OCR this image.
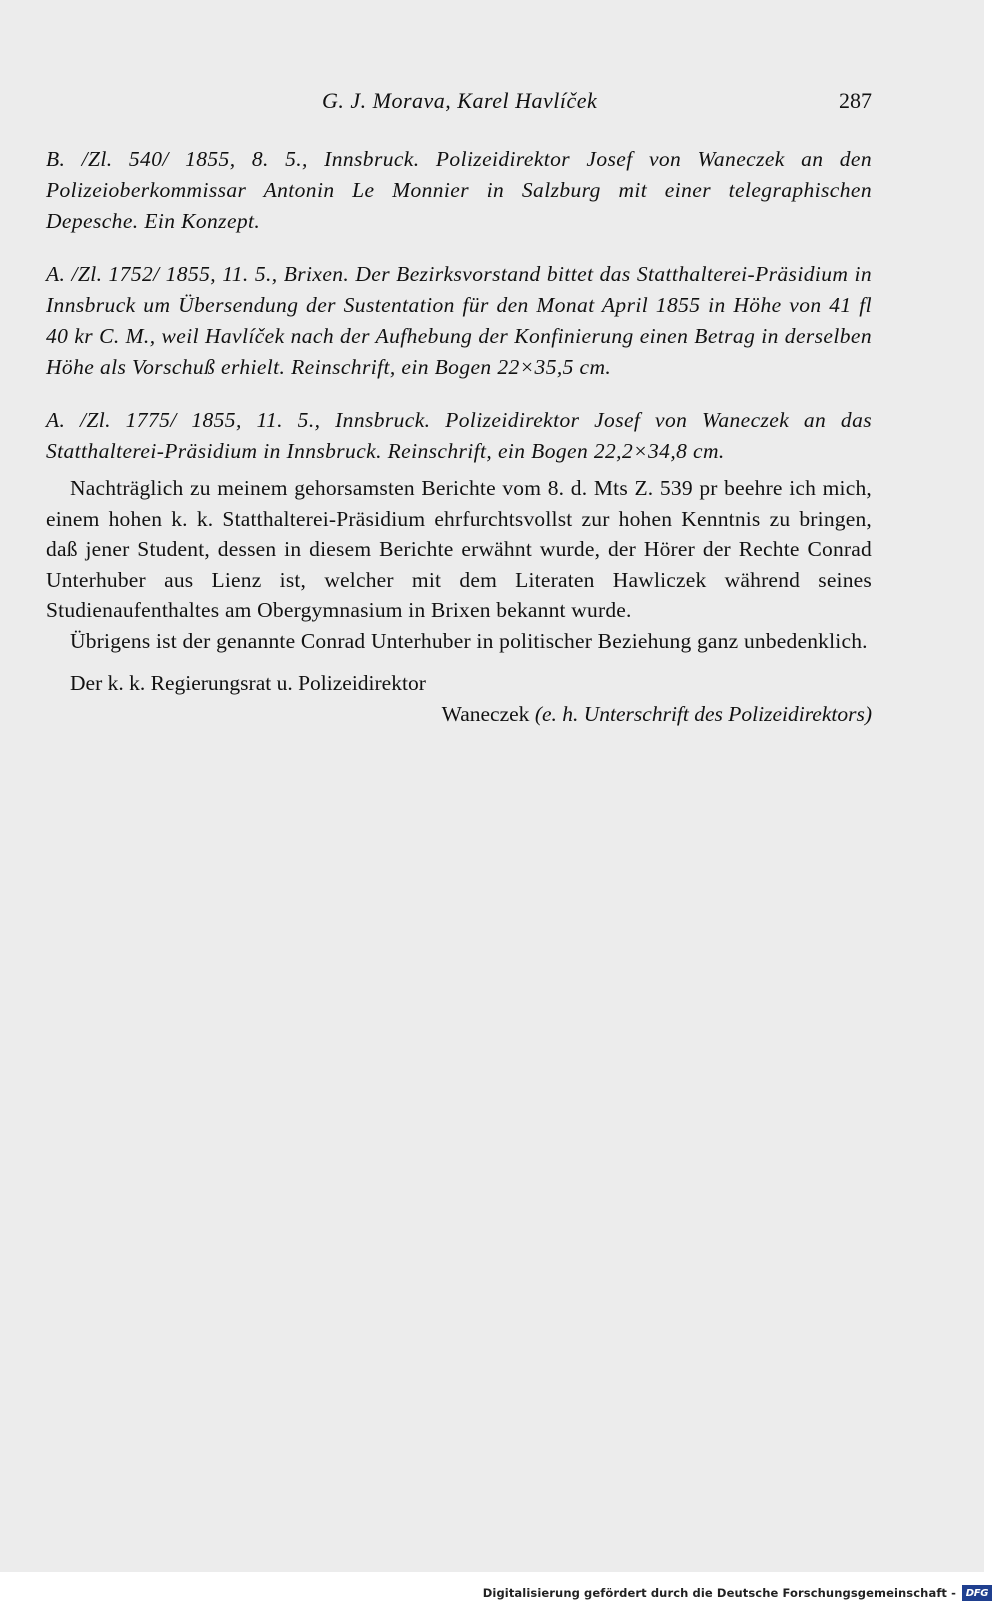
G. J. Morava, Karel Havlíček	287

B. /Zl. 540/ 1855, 8. 5., Innsbruck. Polizeidirektor Josef von Waneczek an den Polizeioberkommissar Antonin Le Monnier in Salzburg mit einer telegraphischen Depesche. Ein Konzept.

A. /Zl. 1752/ 1855, 11. 5., Brixen. Der Bezirksvorstand bittet das Statthalterei-Präsidium in Innsbruck um Übersendung der Sustentation für den Monat April 1855 in Höhe von 41 fl 40 kr C. M., weil Havlíček nach der Aufhebung der Konfinierung einen Betrag in derselben Höhe als Vorschuß erhielt. Reinschrift, ein Bogen 22×35,5 cm.

A. /Zl. 1775/ 1855, 11. 5., Innsbruck. Polizeidirektor Josef von Waneczek an das Statthalterei-Präsidium in Innsbruck. Reinschrift, ein Bogen 22,2×34,8 cm.

Nachträglich zu meinem gehorsamsten Berichte vom 8. d. Mts Z. 539 pr beehre ich mich, einem hohen k. k. Statthalterei-Präsidium ehrfurchtsvollst zur hohen Kenntnis zu bringen, daß jener Student, dessen in diesem Berichte erwähnt wurde, der Hörer der Rechte Conrad Unterhuber aus Lienz ist, welcher mit dem Literaten Hawliczek während seines Studienaufenthaltes am Obergymnasium in Brixen bekannt wurde.

Übrigens ist der genannte Conrad Unterhuber in politischer Beziehung ganz unbedenklich.

Der k. k. Regierungsrat u. Polizeidirektor

Waneczek (e. h. Unterschrift des Polizeidirektors)

Digitalisierung gefördert durch die Deutsche Forschungsgemeinschaft - DFG
